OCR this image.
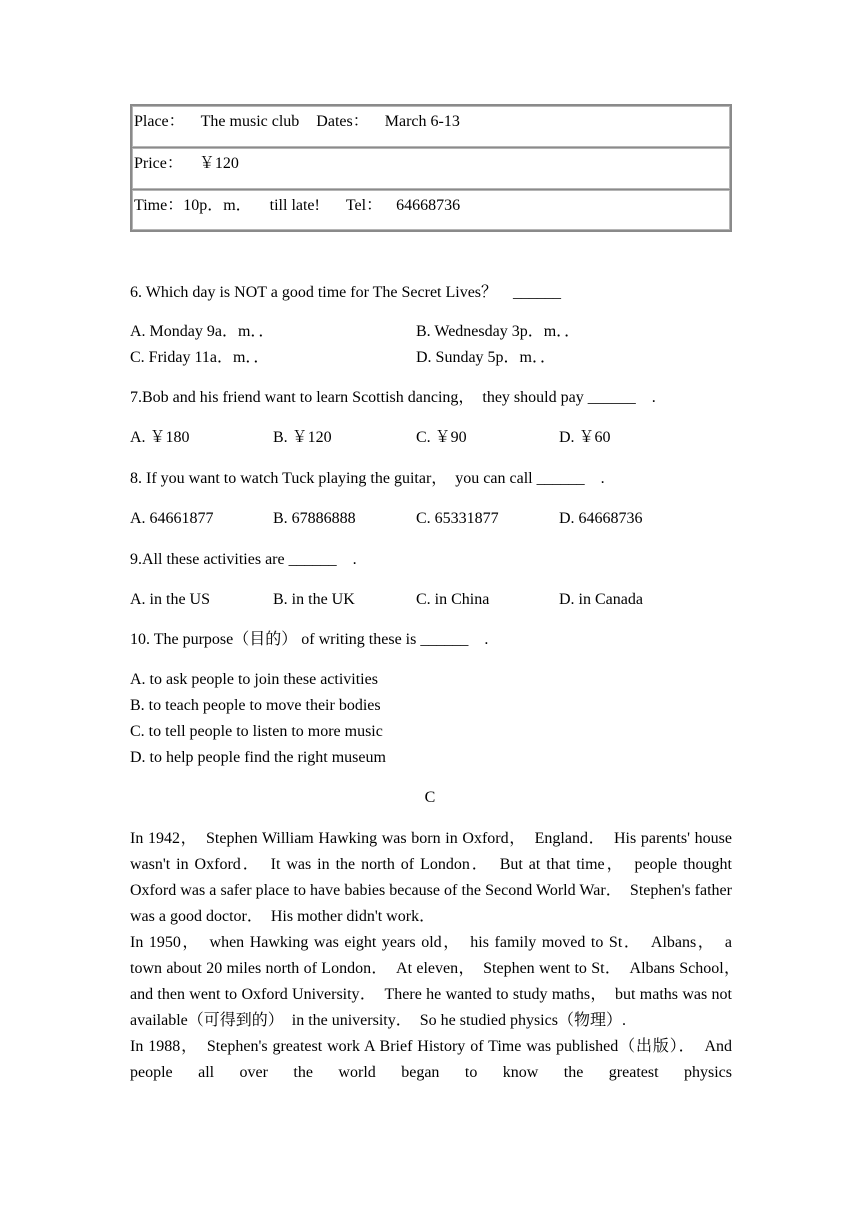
Place： The music club Dates： March 6-13
Price： ￥120
Time：10p．m． till late! Tel： 64668736
6. Which day is NOT a good time for The Secret Lives？　______
A. Monday 9a．m．．	B. Wednesday 3p．m．．
C. Friday 11a．m．．	D. Sunday 5p．m．．
7.Bob and his friend want to learn Scottish dancing，　they should pay ______　.
A. ￥180	B. ￥120	C. ￥90	D. ￥60
8. If you want to watch Tuck playing the guitar，　you can call ______　.
A. 64661877	B. 67886888	C. 65331877	D. 64668736
9.All these activities are ______　.
A. in the US	B. in the UK	C. in China	D. in Canada
10. The purpose（目的） of writing these is ______　.
A. to ask people to join these activities
B. to teach people to move their bodies
C. to tell people to listen to more music
D. to help people find the right museum
C

In 1942，　Stephen William Hawking was born in Oxford，　England．　His parents' house wasn't in Oxford．　It was in the north of London．　But at that time，　people thought Oxford was a safer place to have babies because of the Second World War．　Stephen's father was a good doctor．　His mother didn't work．

In 1950，　when Hawking was eight years old，　his family moved to St．　Albans，　a town about 20 miles north of London．　At eleven，　Stephen went to St．　Albans School，　and then went to Oxford University．　There he wanted to study maths，　but maths was not available（可得到的）　in the university．　So he studied physics（物理）.

In 1988，　Stephen's greatest work A Brief History of Time was published（出版）．　And people all over the world began to know the greatest physics
